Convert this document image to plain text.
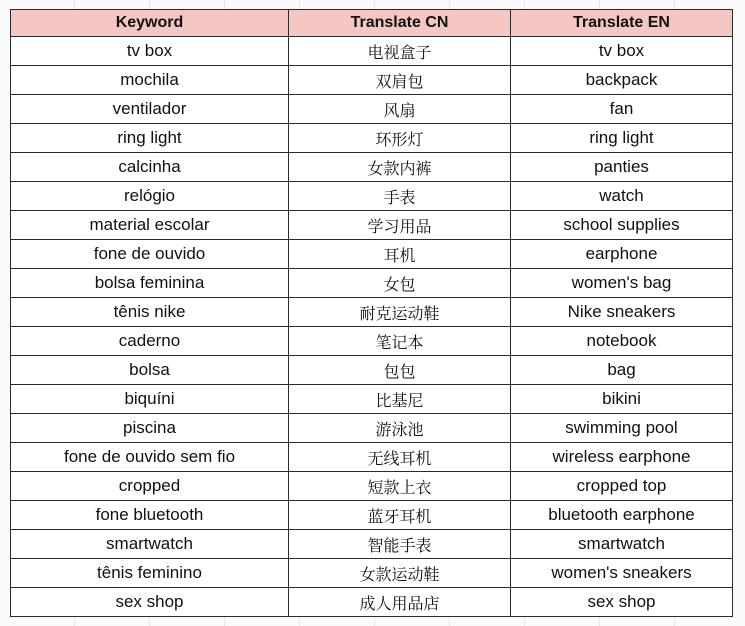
Keyword	Translate CN	Translate EN
tv box	电视盒子	tv box
mochila	双肩包	backpack
ventilador	风扇	fan
ring light	环形灯	ring light
calcinha	女款内裤	panties
relógio	手表	watch
material escolar	学习用品	school supplies
fone de ouvido	耳机	earphone
bolsa feminina	女包	women's bag
tênis nike	耐克运动鞋	Nike sneakers
caderno	笔记本	notebook
bolsa	包包	bag
biquíni	比基尼	bikini
piscina	游泳池	swimming pool
fone de ouvido sem fio	无线耳机	wireless earphone
cropped	短款上衣	cropped top
fone bluetooth	蓝牙耳机	bluetooth earphone
smartwatch	智能手表	smartwatch
tênis feminino	女款运动鞋	women's sneakers
sex shop	成人用品店	sex shop
